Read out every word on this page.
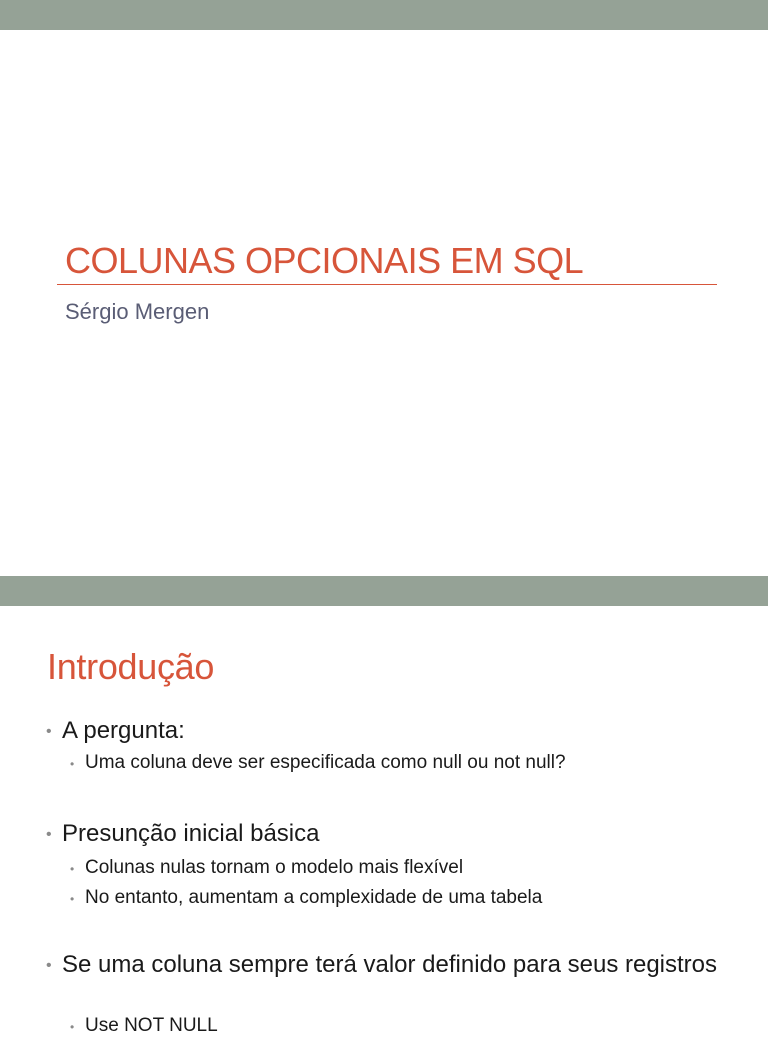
COLUNAS OPCIONAIS EM SQL
Sérgio Mergen
Introdução
• A pergunta:
• Uma coluna deve ser especificada como null ou not null?
• Presunção inicial básica
• Colunas nulas tornam o modelo mais flexível
• No entanto, aumentam a complexidade de uma tabela
• Se uma coluna sempre terá valor definido para seus registros
• Use NOT NULL
